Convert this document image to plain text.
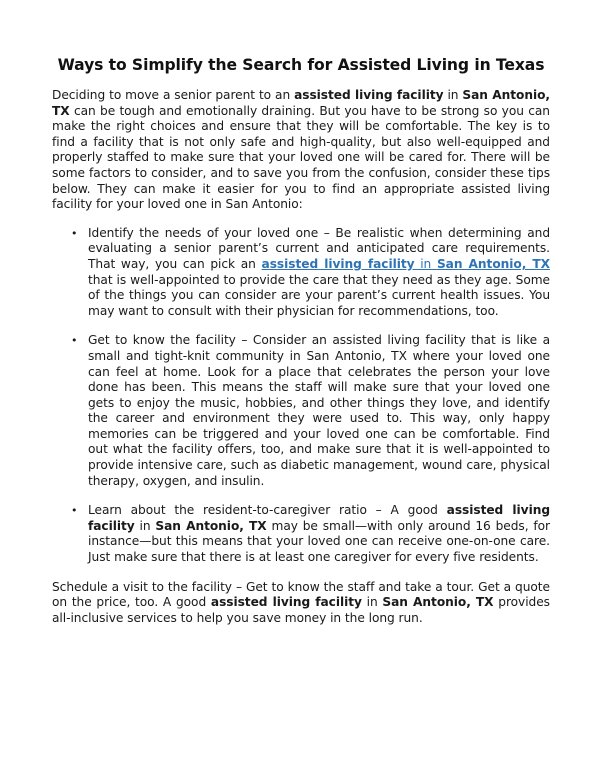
Ways to Simplify the Search for Assisted Living in Texas

Deciding to move a senior parent to an assisted living facility in San Antonio, TX can be tough and emotionally draining. But you have to be strong so you can make the right choices and ensure that they will be comfortable. The key is to find a facility that is not only safe and high-quality, but also well-equipped and properly staffed to make sure that your loved one will be cared for. There will be some factors to consider, and to save you from the confusion, consider these tips below. They can make it easier for you to find an appropriate assisted living facility for your loved one in San Antonio:

• Identify the needs of your loved one – Be realistic when determining and evaluating a senior parent’s current and anticipated care requirements. That way, you can pick an assisted living facility in San Antonio, TX that is well-appointed to provide the care that they need as they age. Some of the things you can consider are your parent’s current health issues. You may want to consult with their physician for recommendations, too.
• Get to know the facility – Consider an assisted living facility that is like a small and tight-knit community in San Antonio, TX where your loved one can feel at home. Look for a place that celebrates the person your love done has been. This means the staff will make sure that your loved one gets to enjoy the music, hobbies, and other things they love, and identify the career and environment they were used to. This way, only happy memories can be triggered and your loved one can be comfortable. Find out what the facility offers, too, and make sure that it is well-appointed to provide intensive care, such as diabetic management, wound care, physical therapy, oxygen, and insulin.
• Learn about the resident-to-caregiver ratio – A good assisted living facility in San Antonio, TX may be small—with only around 16 beds, for instance—but this means that your loved one can receive one-on-one care. Just make sure that there is at least one caregiver for every five residents.

Schedule a visit to the facility – Get to know the staff and take a tour. Get a quote on the price, too. A good assisted living facility in San Antonio, TX provides all-inclusive services to help you save money in the long run.
